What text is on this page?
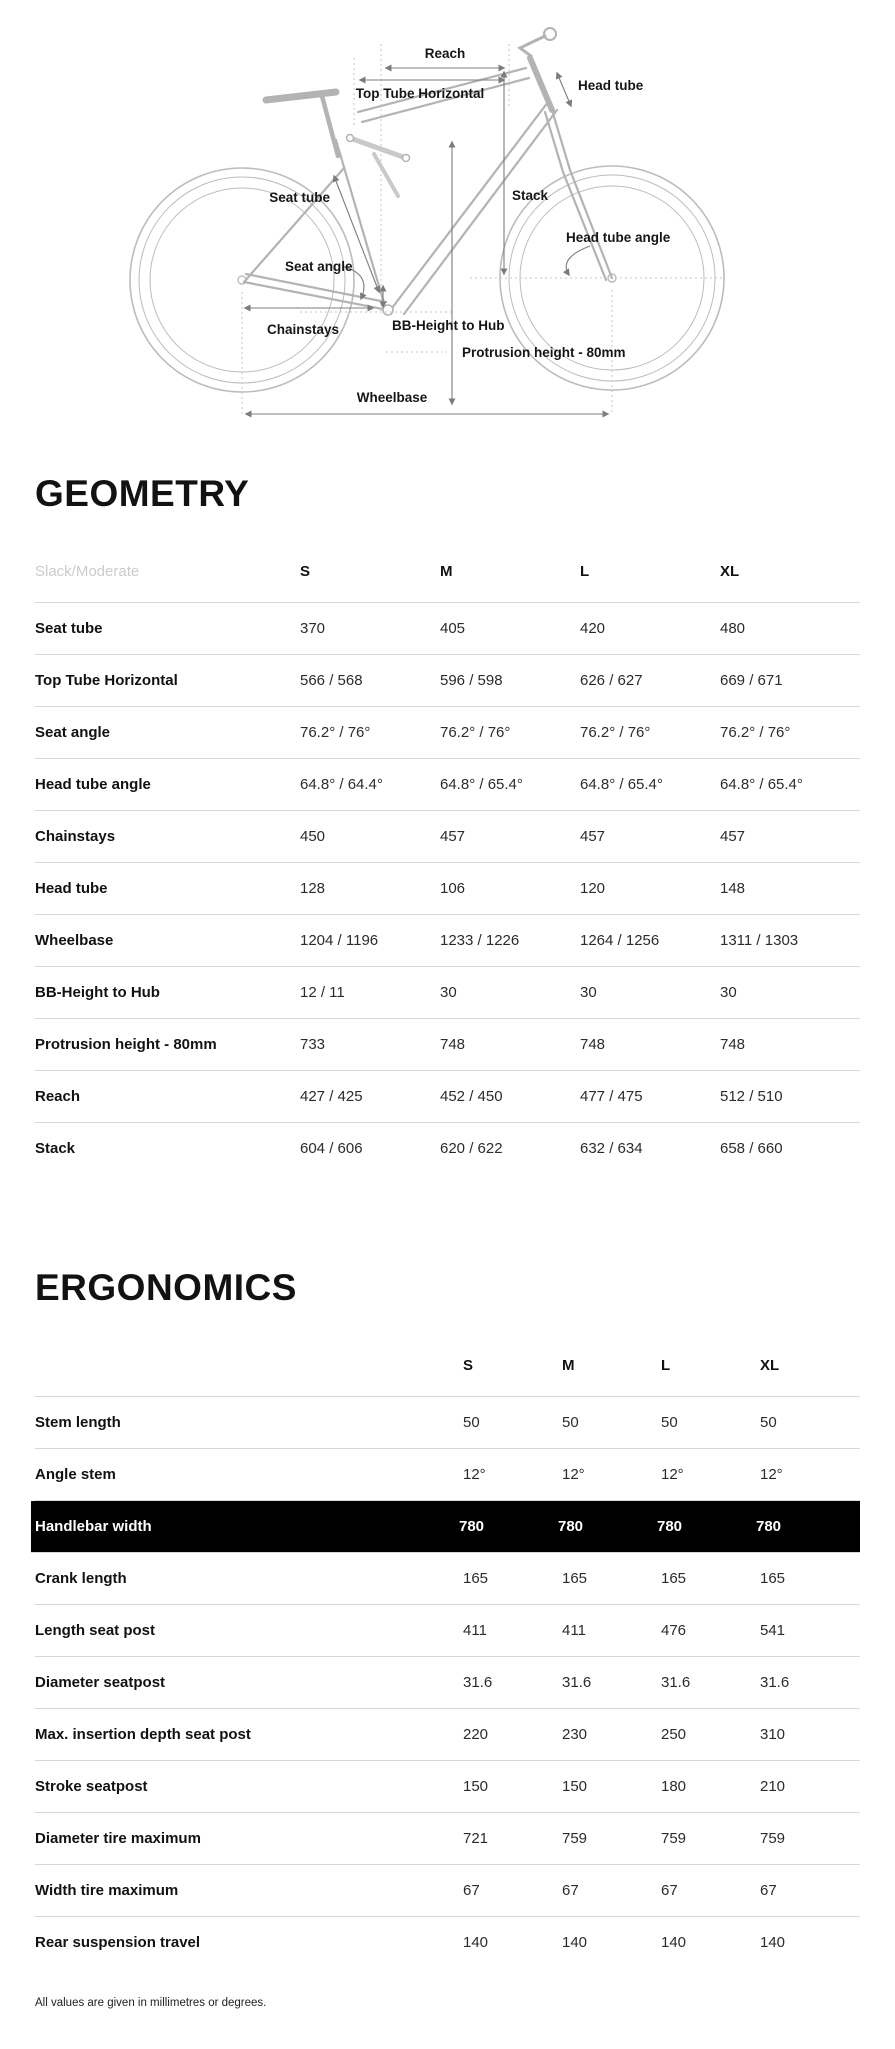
Reach
Top Tube Horizontal
Head tube
Seat tube	Stack
Head tube angle
Seat angle
Chainstays	BB-Height to Hub
Protrusion height - 80mm
Wheelbase
GEOMETRY
Slack/Moderate	S	M	L	XL
Seat tube	370	405	420	480
Top Tube Horizontal	566 / 568	596 / 598	626 / 627	669 / 671
Seat angle	76.2° / 76°	76.2° / 76°	76.2° / 76°	76.2° / 76°
Head tube angle	64.8° / 64.4°	64.8° / 65.4°	64.8° / 65.4°	64.8° / 65.4°
Chainstays	450	457	457	457
Head tube	128	106	120	148
Wheelbase	1204 / 1196	1233 / 1226	1264 / 1256	1311 / 1303
BB-Height to Hub	12 / 11	30	30	30
Protrusion height - 80mm	733	748	748	748
Reach	427 / 425	452 / 450	477 / 475	512 / 510
Stack	604 / 606	620 / 622	632 / 634	658 / 660
ERGONOMICS
S	M	L	XL
Stem length	50	50	50	50
Angle stem	12°	12°	12°	12°
Handlebar width	780	780	780	780
Crank length	165	165	165	165
Length seat post	411	411	476	541
Diameter seatpost	31.6	31.6	31.6	31.6
Max. insertion depth seat post	220	230	250	310
Stroke seatpost	150	150	180	210
Diameter tire maximum	721	759	759	759
Width tire maximum	67	67	67	67
Rear suspension travel	140	140	140	140

All values are given in millimetres or degrees.
